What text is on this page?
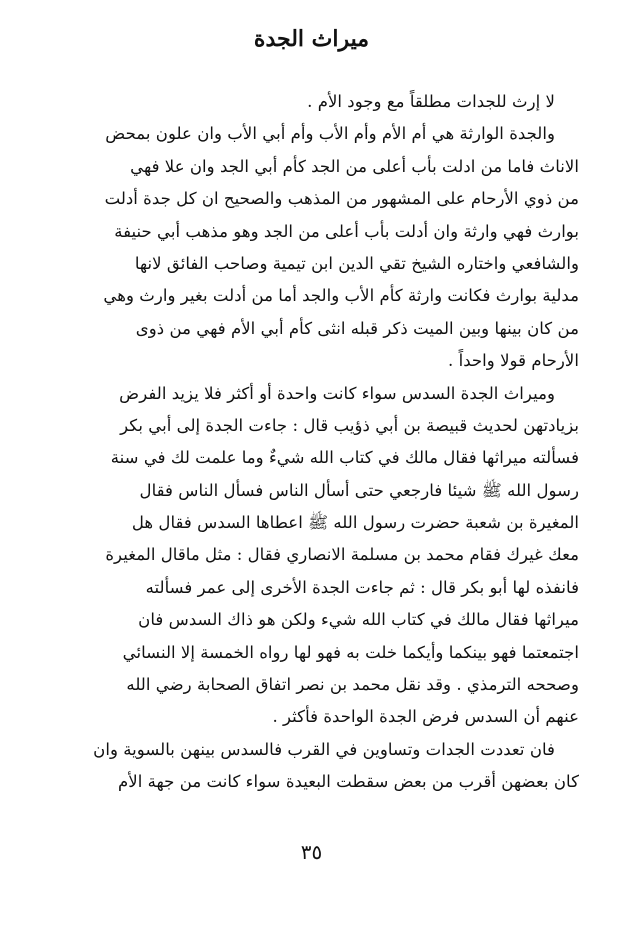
ميراث الجدة
لا إرث للجدات مطلقاً مع وجود الأم .
والجدة الوارثة هي أم الأم وأم الأب وأم أبي الأب وان علون بمحض
الاناث فاما من ادلت بأب أعلى من الجد كأم أبي الجد وان علا فهي
من ذوي الأرحام على المشهور من المذهب والصحيح ان كل جدة أدلت
بوارث فهي وارثة وان أدلت بأب أعلى من الجد وهو مذهب أبي حنيفة
والشافعي واختاره الشيخ تقي الدين ابن تيمية وصاحب الفائق لانها
مدلية بوارث فكانت وارثة كأم الأب والجد أما من أدلت بغير وارث وهي
من كان بينها وبين الميت ذكر قبله انثى كأم أبي الأم فهي من ذوى
الأرحام قولا واحداً .
وميراث الجدة السدس سواء كانت واحدة أو أكثر فلا يزيد الفرض
بزيادتهن لحديث قبيصة بن أبي ذؤيب قال : جاءت الجدة إلى أبي بكر
فسألته ميراثها فقال مالك في كتاب الله شيءٌ وما علمت لك في سنة
رسول الله ﷺ شيئا فارجعي حتى أسأل الناس فسأل الناس فقال
المغيرة بن شعبة حضرت رسول الله ﷺ اعطاها السدس فقال هل
معك غيرك فقام محمد بن مسلمة الانصاري فقال : مثل ماقال المغيرة
فانفذه لها أبو بكر قال : ثم جاءت الجدة الأخرى إلى عمر فسألته
ميراثها فقال مالك في كتاب الله شيء ولكن هو ذاك السدس فان
اجتمعتما فهو بينكما وأيكما خلت به فهو لها رواه الخمسة إلا النسائي
وصححه الترمذي . وقد نقل محمد بن نصر اتفاق الصحابة رضي الله
عنهم أن السدس فرض الجدة الواحدة فأكثر .
فان تعددت الجدات وتساوين في القرب فالسدس بينهن بالسوية وان
كان بعضهن أقرب من بعض سقطت البعيدة سواء كانت من جهة الأم
٣٥
